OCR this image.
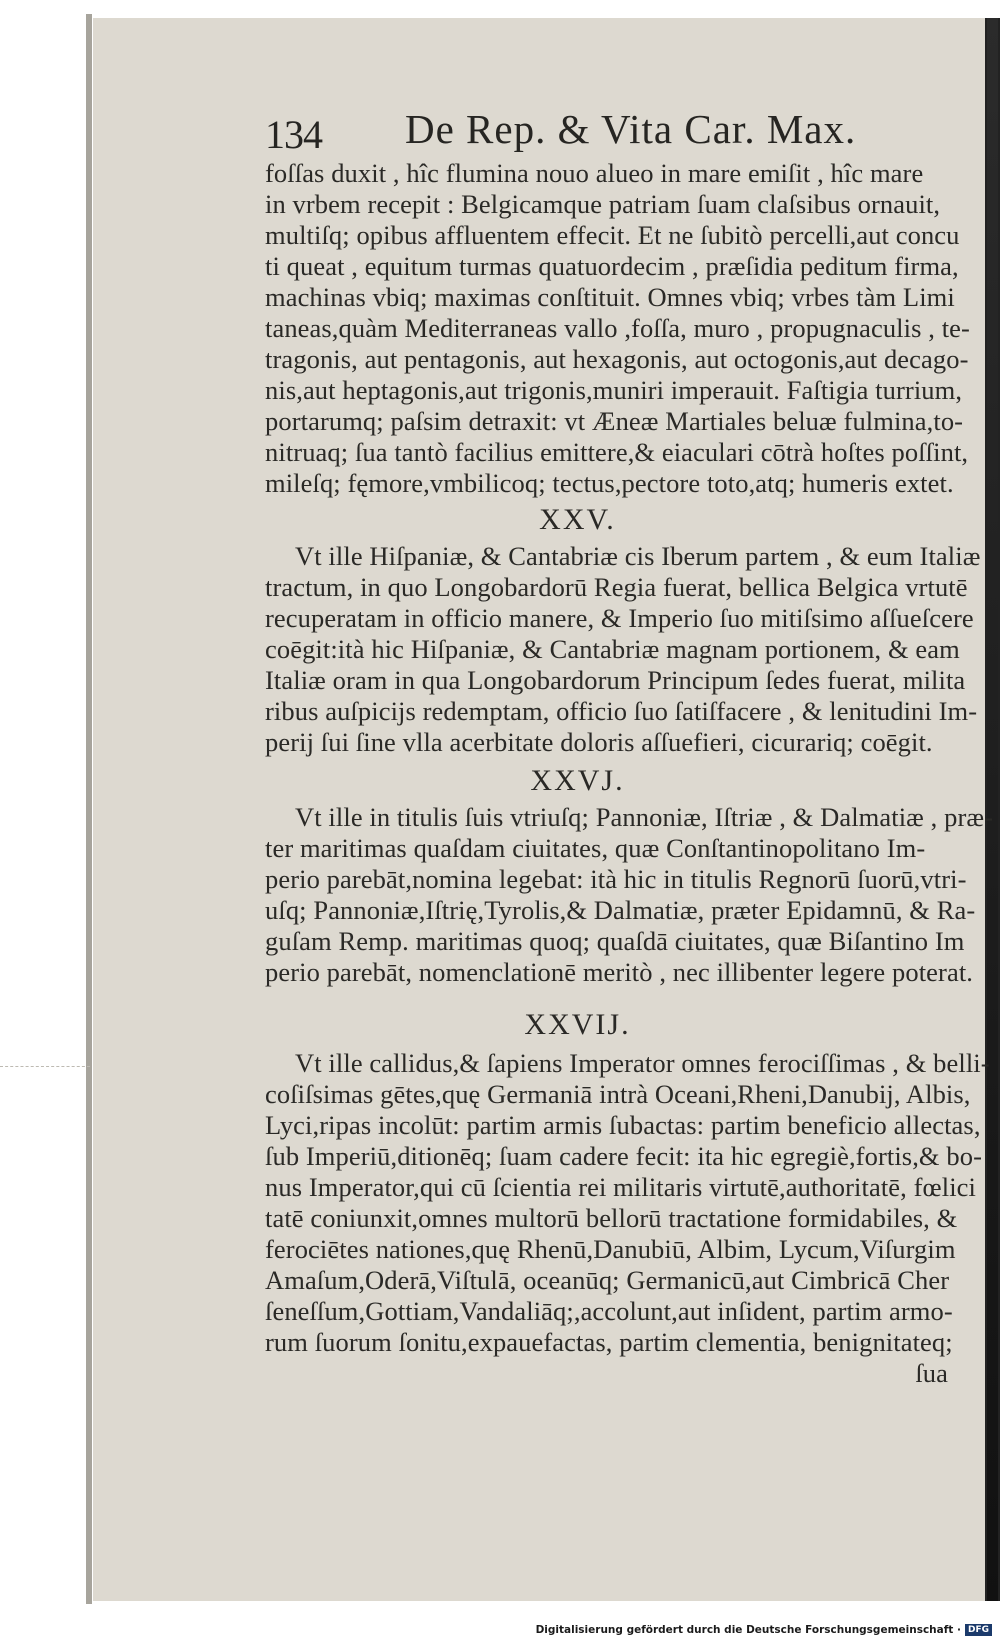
134 De Rep. & Vita Car. Max.
foſſas duxit , hîc flumina nouo alueo in mare emiſit , hîc mare
in vrbem recepit : Belgicamque patriam ſuam claſsibus ornauit,
multiſq; opibus affluentem effecit. Et ne ſubitò percelli,aut concu
ti queat , equitum turmas quatuordecim , præſidia peditum firma,
machinas vbiq; maximas conſtituit. Omnes vbiq; vrbes tàm Limi
taneas,quàm Mediterraneas vallo ,foſſa, muro , propugnaculis , te-
tragonis, aut pentagonis, aut hexagonis, aut octogonis,aut decago-
nis,aut heptagonis,aut trigonis,muniri imperauit. Faſtigia turrium,
portarumq; paſsim detraxit: vt Æneæ Martiales beluæ fulmina,to-
nitruaq; ſua tantò facilius emittere,& eiaculari cōtrà hoſtes poſſint,
mileſq; fęmore,vmbilicoq; tectus,pectore toto,atq; humeris extet.
XXV.
Vt ille Hiſpaniæ, & Cantabriæ cis Iberum partem , & eum Italiæ
tractum, in quo Longobardorū Regia fuerat, bellica Belgica vrtutē
recuperatam in officio manere, & Imperio ſuo mitiſsimo aſſueſcere
coēgit:ità hic Hiſpaniæ, & Cantabriæ magnam portionem, & eam
Italiæ oram in qua Longobardorum Principum ſedes fuerat, milita
ribus auſpicijs redemptam, officio ſuo ſatiſfacere , & lenitudini Im-
perij ſui ſine vlla acerbitate doloris aſſuefieri, cicurariq; coēgit.
XXVJ.
Vt ille in titulis ſuis vtriuſq; Pannoniæ, Iſtriæ , & Dalmatiæ , præ-
ter maritimas quaſdam ciuitates, quæ Conſtantinopolitano Im-
perio parebāt,nomina legebat: ità hic in titulis Regnorū ſuorū,vtri-
uſq; Pannoniæ,Iſtrię,Tyrolis,& Dalmatiæ, præter Epidamnū, & Ra-
guſam Remp. maritimas quoq; quaſdā ciuitates, quæ Biſantino Im
perio parebāt, nomenclationē meritò , nec illibenter legere poterat.
XXVIJ.
Vt ille callidus,& ſapiens Imperator omnes ferociſſimas , & belli-
coſiſsimas gētes,quę Germaniā intrà Oceani,Rheni,Danubij, Albis,
Lyci,ripas incolūt: partim armis ſubactas: partim beneficio allectas,
ſub Imperiū,ditionēq; ſuam cadere fecit: ita hic egregiè,fortis,& bo-
nus Imperator,qui cū ſcientia rei militaris virtutē,authoritatē, fœlici
tatē coniunxit,omnes multorū bellorū tractatione formidabiles, &
ferociētes nationes,quę Rhenū,Danubiū, Albim, Lycum,Viſurgim
Amaſum,Oderā,Viſtulā, oceanūq; Germanicū,aut Cimbricā Cher
ſeneſſum,Gottiam,Vandaliāq;,accolunt,aut inſident, partim armo-
rum ſuorum ſonitu,expauefactas, partim clementia, benignitateq;
ſua
Digitalisierung gefördert durch die Deutsche Forschungsgemeinschaft · DFG
